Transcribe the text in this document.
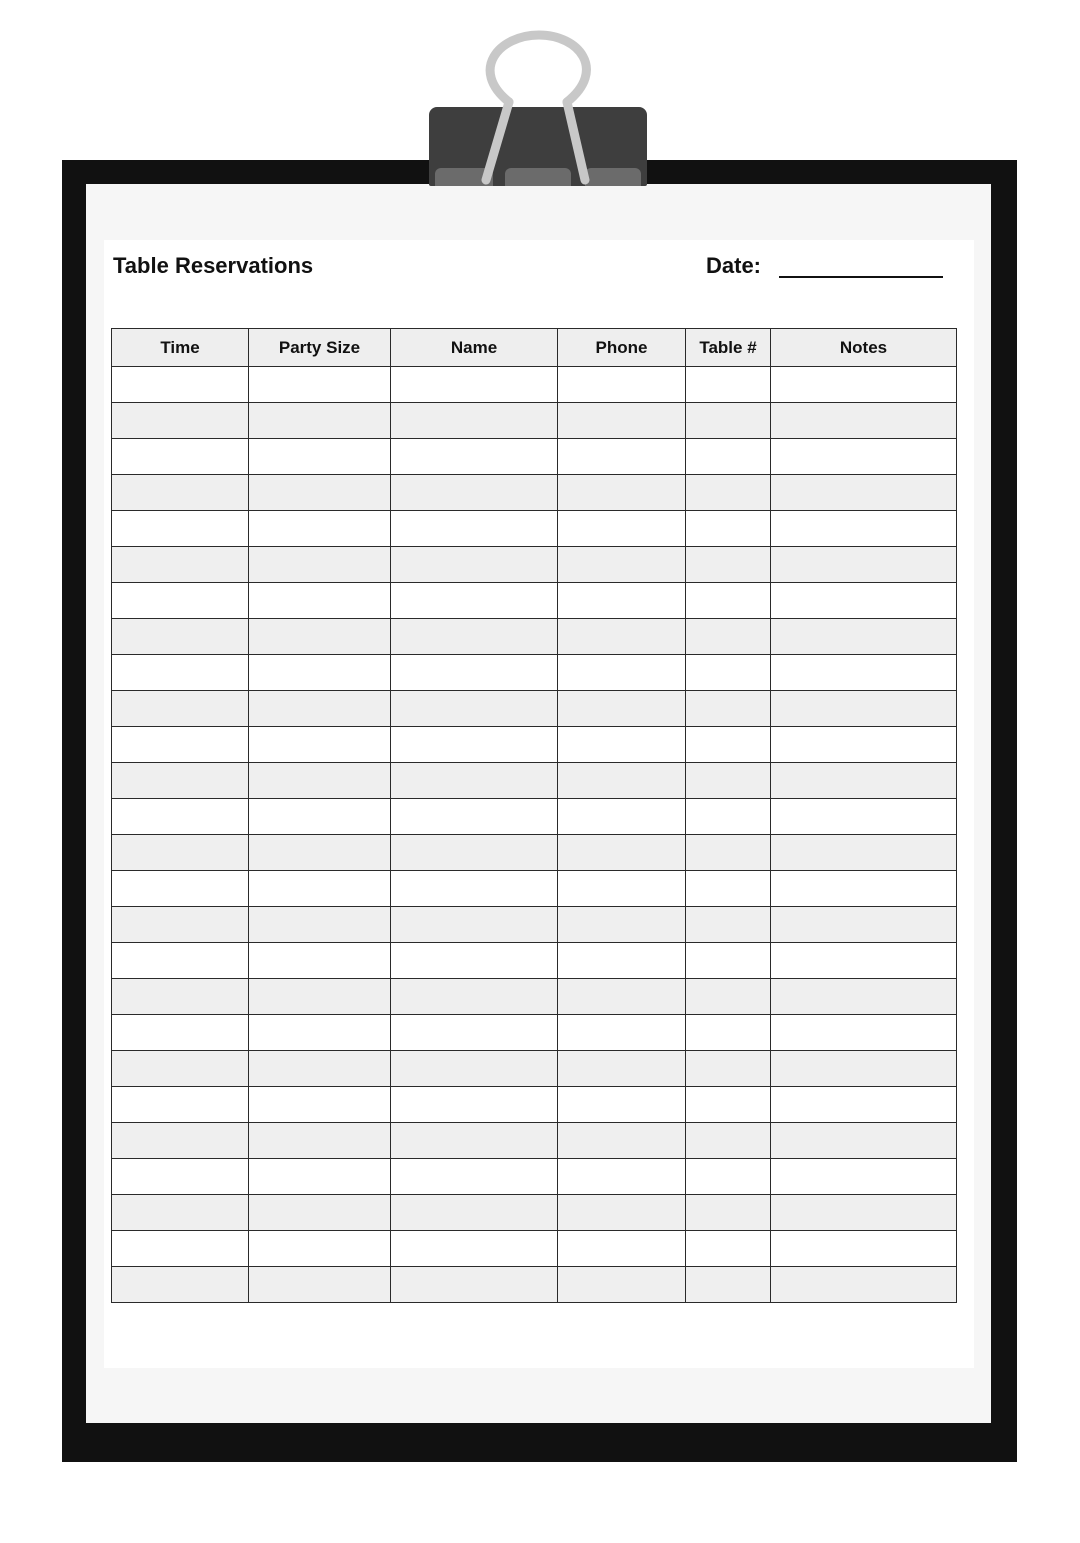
Table Reservations	Date:
Time	Party Size	Name	Phone	Table #	Notes
